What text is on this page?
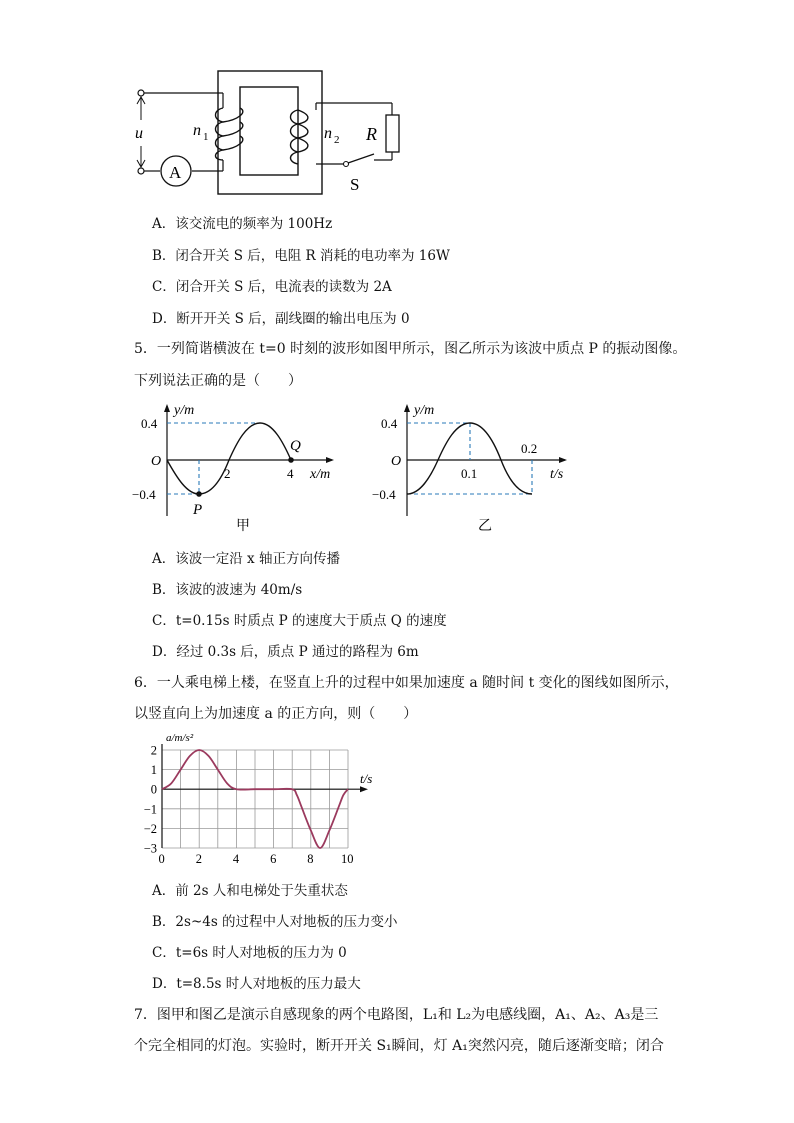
u
A
n 1	n 2 R
S
A．该交流电的频率为 100Hz
B．闭合开关 S 后，电阻 R 消耗的电功率为 16W
C．闭合开关 S 后，电流表的读数为 2A
D．断开开关 S 后，副线圈的输出电压为 0
5．一列简谐横波在 t=0 时刻的波形如图甲所示，图乙所示为该波中质点 P 的振动图像。
下列说法正确的是（　　）
y/m
x/m
0.4
−0.4
O
2	4
P
Q
甲
y/m
t/s
0.4
−0.4
O
0.1
0.2
乙
A．该波一定沿 x 轴正方向传播
B．该波的波速为 40m/s
C．t=0.15s 时质点 P 的速度大于质点 Q 的速度
D．经过 0.3s 后，质点 P 通过的路程为 6m
6．一人乘电梯上楼，在竖直上升的过程中如果加速度 a 随时间 t 变化的图线如图所示，
以竖直向上为加速度 a 的正方向，则（　　）
a/m/s²
t/s
0 2 4 6 8 10
2
1
0
−1
−2
−3
A．前 2s 人和电梯处于失重状态
B．2s~4s 的过程中人对地板的压力变小
C．t=6s 时人对地板的压力为 0
D．t=8.5s 时人对地板的压力最大
7．图甲和图乙是演示自感现象的两个电路图，L₁和 L₂为电感线圈，A₁、A₂、A₃是三
个完全相同的灯泡。实验时，断开开关 S₁瞬间，灯 A₁突然闪亮，随后逐渐变暗；闭合
